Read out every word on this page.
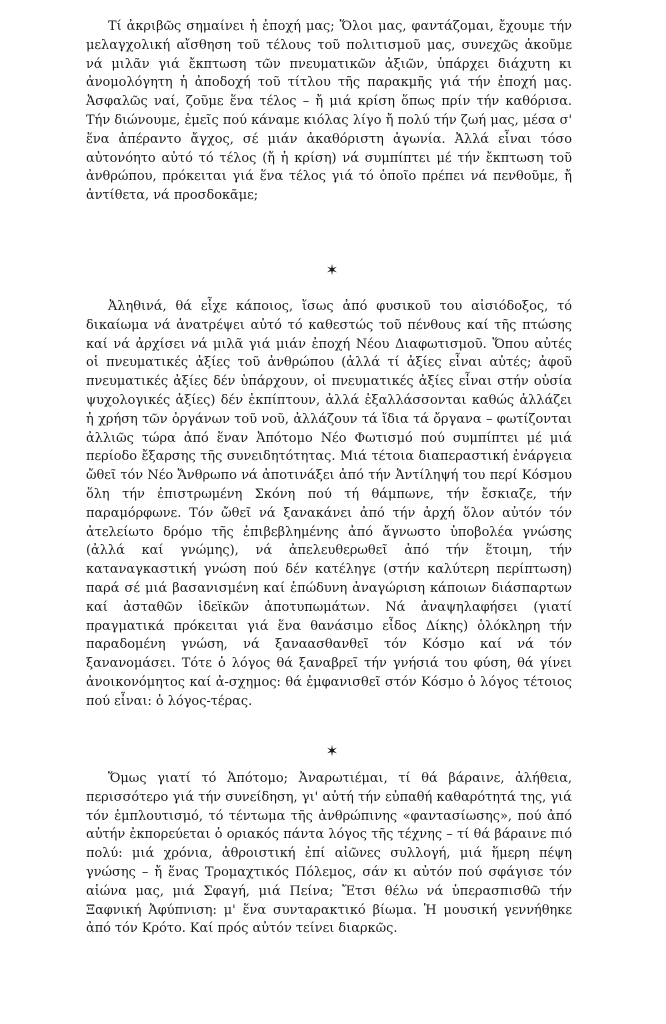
Τί ἀκριβῶς σημαίνει ἡ ἐποχή μας; Ὅλοι μας, φαντάζομαι, ἔχουμε τήν μελαγχολική αἴσθηση τοῦ τέλους τοῦ πολιτισμοῦ μας, συνεχῶς ἀκοῦμε νά μιλᾶν γιά ἔκπτωση τῶν πνευματικῶν ἀξιῶν, ὑπάρχει διάχυτη κι ἀνομολόγητη ἡ ἀποδοχή τοῦ τίτλου τῆς παρακμῆς γιά τήν ἐποχή μας. Ἀσφαλῶς ναί, ζοῦμε ἕνα τέλος – ἤ μιά κρίση ὅπως πρίν τήν καθόρισα. Τήν διώνουμε, ἐμεῖς πού κάναμε κιόλας λίγο ἤ πολύ τήν ζωή μας, μέσα σ' ἕνα ἀπέραντο ἄγχος, σέ μιάν ἀκαθόριστη ἀγωνία. Ἀλλά εἶναι τόσο αὐτονόητο αὐτό τό τέλος (ἤ ἡ κρίση) νά συμπίπτει μέ τήν ἔκπτωση τοῦ ἀνθρώπου, πρόκειται γιά ἕνα τέλος γιά τό ὁποῖο πρέπει νά πενθοῦμε, ἤ ἀντίθετα, νά προσδοκᾶμε;

✶

Ἀληθινά, θά εἶχε κάποιος, ἴσως ἀπό φυσικοῦ του αἰσιόδοξος, τό δικαίωμα νά ἀνατρέψει αὐτό τό καθεστώς τοῦ πένθους καί τῆς πτώσης καί νά ἀρχίσει νά μιλᾶ γιά μιάν ἐποχή Νέου Διαφωτισμοῦ. Ὅπου αὐτές οἱ πνευματικές ἀξίες τοῦ ἀνθρώπου (ἀλλά τί ἀξίες εἶναι αὐτές; ἀφοῦ πνευματικές ἀξίες δέν ὑπάρχουν, οἱ πνευματικές ἀξίες εἶναι στήν οὐσία ψυχολογικές ἀξίες) δέν ἐκπίπτουν, ἀλλά ἐξαλλάσσονται καθώς ἀλλάζει ἡ χρήση τῶν ὀργάνων τοῦ νοῦ, ἀλλάζουν τά ἴδια τά ὄργανα – φωτίζονται ἀλλιῶς τώρα ἀπό ἕναν Ἀπότομο Νέο Φωτισμό πού συμπίπτει μέ μιά περίοδο ἔξαρσης τῆς συνειδητότητας. Μιά τέτοια διαπεραστική ἐνάργεια ὤθεῖ τόν Νέο Ἄνθρωπο νά ἀποτινάξει ἀπό τήν Ἀντίληψή του περί Κόσμου ὅλη τήν ἐπιστρωμένη Σκόνη πού τή θάμπωνε, τήν ἔσκιαζε, τήν παραμόρφωνε. Τόν ὤθεῖ νά ξανακάνει ἀπό τήν ἀρχή ὅλον αὐτόν τόν ἀτελείωτο δρόμο τῆς ἐπιβεβλημένης ἀπό ἄγνωστο ὑποβολέα γνώσης (ἀλλά καί γνώμης), νά ἀπελευθερωθεῖ ἀπό τήν ἕτοιμη, τήν καταναγκαστική γνώση πού δέν κατέληγε (στήν καλύτερη περίπτωση) παρά σέ μιά βασανισμένη καί ἐπώδυνη ἀναγώριση κάποιων διάσπαρτων καί ἀσταθῶν ἰδεϊκῶν ἀποτυπωμάτων. Νά ἀναψηλαφήσει (γιατί πραγματικά πρόκειται γιά ἕνα θανάσιμο εἶδος Δίκης) ὁλόκληρη τήν παραδομένη γνώση, νά ξαναασθανθεῖ τόν Κόσμο καί νά τόν ξανανομάσει. Τότε ὁ λόγος θά ξαναβρεῖ τήν γνήσιά του φύση, θά γίνει ἀνοικονόμητος καί ἀ-σχημος: θά ἐμφανισθεῖ στόν Κόσμο ὁ λόγος τέτοιος πού εἶναι: ὁ λόγος-τέρας.

✶

Ὅμως γιατί τό Ἀπότομο; Ἀναρωτιέμαι, τί θά βάραινε, ἀλήθεια, περισσότερο γιά τήν συνείδηση, γι' αὐτή τήν εὐπαθή καθαρότητά της, γιά τόν ἐμπλουτισμό, τό τέντωμα τῆς ἀνθρώπινης «φαντασίωσης», πού ἀπό αὐτήν ἐκπορεύεται ὁ οριακός πάντα λόγος τῆς τέχνης – τί θά βάραινε πιό πολύ: μιά χρόνια, ἀθροιστική ἐπί αἰῶνες συλλογή, μιά ἥμερη πέψη γνώσης – ἤ ἕνας Τρομαχτικός Πόλεμος, σάν κι αὐτόν πού σφάγισε τόν αἰώνα μας, μιά Σφαγή, μιά Πείνα; Ἔτσι θέλω νά ὑπερασπισθῶ τήν Ξαφνική Ἀφύπνιση: μ' ἕνα συνταρακτικό βίωμα. Ἡ μουσική γεννήθηκε ἀπό τόν Κρότο. Καί πρός αὐτόν τείνει διαρκῶς.
